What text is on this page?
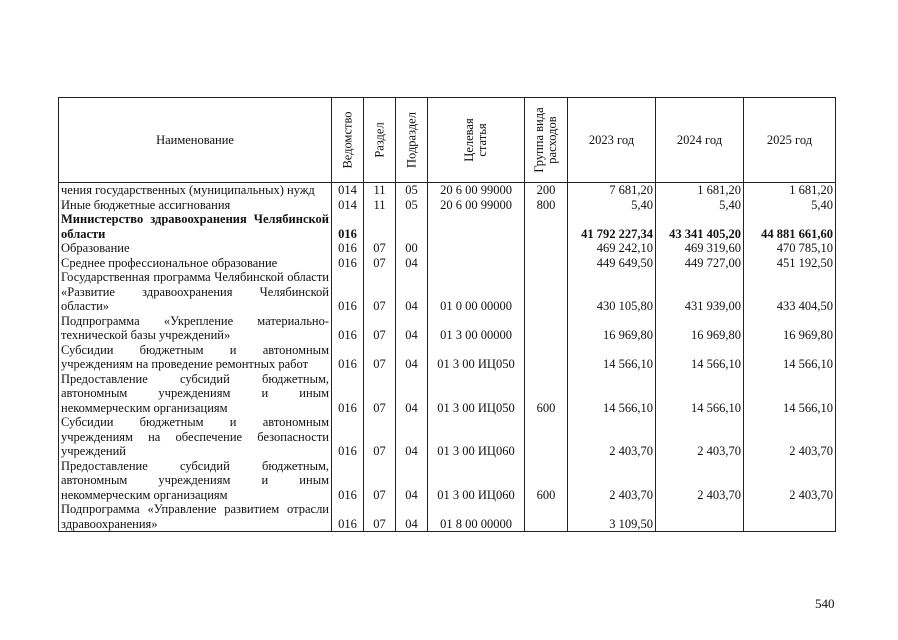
Наименование	Ведомство	Раздел	Подраздел	Целевая статья	Группа вида расходов	2023 год	2024 год	2025 год
чения государственных (муниципальных) нужд	014	11	05	20 6 00 99000	200	7 681,20	1 681,20	1 681,20
Иные бюджетные ассигнования	014	11	05	20 6 00 99000	800	5,40	5,40	5,40
Министерство здравоохранения Челябинской области	016					41 792 227,34	43 341 405,20	44 881 661,60
Образование	016	07	00			469 242,10	469 319,60	470 785,10
Среднее профессиональное образование	016	07	04			449 649,50	449 727,00	451 192,50
Государственная программа Челябинской области «Развитие здравоохранения Челябинской области»	016	07	04	01 0 00 00000		430 105,80	431 939,00	433 404,50
Подпрограмма «Укрепление материально-технической базы учреждений»	016	07	04	01 3 00 00000		16 969,80	16 969,80	16 969,80
Субсидии бюджетным и автономным учреждениям на проведение ремонтных работ	016	07	04	01 3 00 ИЦ050		14 566,10	14 566,10	14 566,10
Предоставление субсидий бюджетным, автономным учреждениям и иным некоммерческим организациям	016	07	04	01 3 00 ИЦ050	600	14 566,10	14 566,10	14 566,10
Субсидии бюджетным и автономным учреждениям на обеспечение безопасности учреждений	016	07	04	01 3 00 ИЦ060		2 403,70	2 403,70	2 403,70
Предоставление субсидий бюджетным, автономным учреждениям и иным некоммерческим организациям	016	07	04	01 3 00 ИЦ060	600	2 403,70	2 403,70	2 403,70
Подпрограмма «Управление развитием отрасли здравоохранения»	016	07	04	01 8 00 00000		3 109,50		
540
